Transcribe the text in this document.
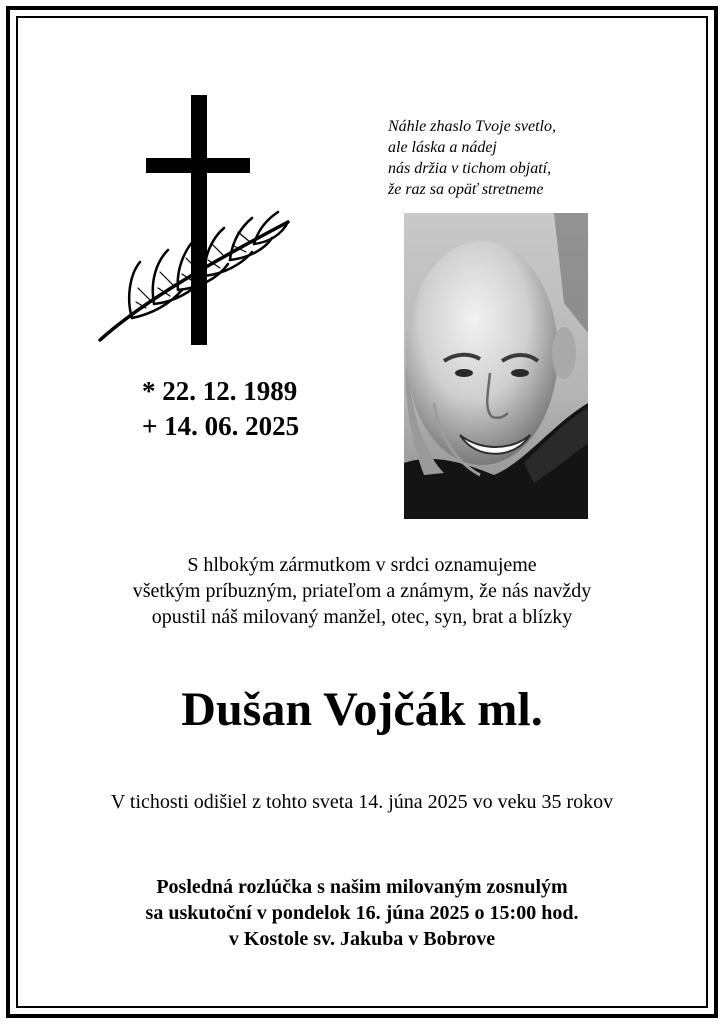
Náhle zhaslo Tvoje svetlo,
ale láska a nádej
nás držia v tichom objatí,
že raz sa opäť stretneme

* 22. 12. 1989
+ 14. 06. 2025

S hlbokým zármutkom v srdci oznamujeme
všetkým príbuzným, priateľom a známym, že nás navždy
opustil náš milovaný manžel, otec, syn, brat a blízky

Dušan Vojčák ml.

V tichosti odišiel z tohto sveta 14. júna 2025 vo veku 35 rokov

Posledná rozlúčka s našim milovaným zosnulým
sa uskutoční v pondelok 16. júna 2025 o 15:00 hod.
v Kostole sv. Jakuba v Bobrove
